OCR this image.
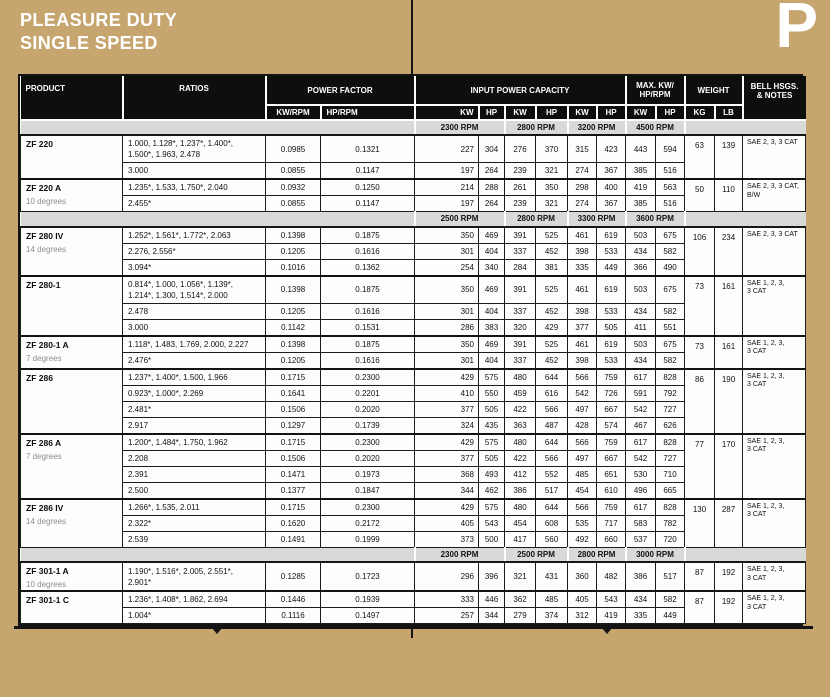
PLEASURE DUTY
SINGLE SPEED	P
PRODUCT	RATIOS	POWER FACTOR	INPUT POWER CAPACITY	MAX. KW/
HP/RPM	WEIGHT	BELL HSGS.
& NOTES

		KW/RPM	HP/RPM	KW	HP	KW	HP	KW	HP	KW	HP	KG	LB	
				2300 RPM		2800 RPM		3200 RPM		4500 RPM				

ZF 220	1.000, 1.128*, 1.237*, 1.400*,
1.500*, 1.963, 2.478	0.0985	0.1321	227	304	276	370	315	423	443	594	63	139	SAE 2, 3, 3 CAT
	3.000	0.0855	0.1147	197	264	239	321	274	367	385	516			

ZF 220 A
10 degrees
	1.235*, 1.533, 1.750*, 2.040	0.0932	0.1250	214	288	261	350	298	400	419	563	50	110	SAE 2, 3, 3 CAT,
B/W
	2.455*	0.0855	0.1147	197	264	239	321	274	367	385	516			
				2500 RPM		2800 RPM		3300 RPM		3600 RPM				

ZF 280 IV
14 degrees	1.252*, 1.561*, 1.772*, 2.063	0.1398	0.1875	350	469	391	525	461	619	503	675	106	234	SAE 2, 3, 3 CAT
	2.276, 2.556*	0.1205	0.1616	301	404	337	452	398	533	434	582			
	3.094*	0.1016	0.1362	254	340	284	381	335	449	366	490			

ZF 280-1	0.814*, 1.000, 1.056*, 1.139*,
1.214*, 1.300, 1.514*, 2.000	0.1398	0.1875	350	469	391	525	461	619	503	675	73	161	SAE 1, 2, 3,
3 CAT
	2.478	0.1205	0.1616	301	404	337	452	398	533	434	582			
	3.000	0.1142	0.1531	286	383	320	429	377	505	411	551			

ZF 280-1 A
7 degrees
	1.118*, 1.483, 1.769, 2.000, 2.227	0.1398	0.1875	350	469	391	525	461	619	503	675	73	161	SAE 1, 2, 3,
3 CAT
	2.476*	0.1205	0.1616	301	404	337	452	398	533	434	582			

ZF 286	1.237*, 1.400*, 1.500, 1.966	0.1715	0.2300	429	575	480	644	566	759	617	828	86	190	SAE 1, 2, 3,
3 CAT
	0.923*, 1.000*, 2.269	0.1641	0.2201	410	550	459	616	542	726	591	792			
	2.481*	0.1506	0.2020	377	505	422	566	497	667	542	727			
	2.917	0.1297	0.1739	324	435	363	487	428	574	467	626			

ZF 286 A
7 degrees
	1.200*, 1.484*, 1.750, 1.962	0.1715	0.2300	429	575	480	644	566	759	617	828	77	170	SAE 1, 2, 3,
3 CAT
	2.208	0.1506	0.2020	377	505	422	566	497	667	542	727			
	2.391	0.1471	0.1973	368	493	412	552	485	651	530	710			
	2.500	0.1377	0.1847	344	462	386	517	454	610	496	665			

ZF 286 IV
14 degrees
	1.266*, 1.535, 2.011	0.1715	0.2300	429	575	480	644	566	759	617	828	130	287	SAE 1, 2, 3,
3 CAT
	2.322*	0.1620	0.2172	405	543	454	608	535	717	583	782			
	2.539	0.1491	0.1999	373	500	417	560	492	660	537	720			
				2300 RPM		2500 RPM		2800 RPM		3000 RPM				

ZF 301-1 A
10 degrees
	1.190*, 1.516*, 2.005, 2.551*,
2.901*	0.1285	0.1723	296	396	321	431	360	482	386	517	87	192	SAE 1, 2, 3,
3 CAT

ZF 301-1 C	1.236*, 1.408*, 1.862, 2.694	0.1446	0.1939	333	446	362	485	405	543	434	582	87	192	SAE 1, 2, 3,
3 CAT
	1.004*	0.1116	0.1497	257	344	279	374	312	419	335	449			
